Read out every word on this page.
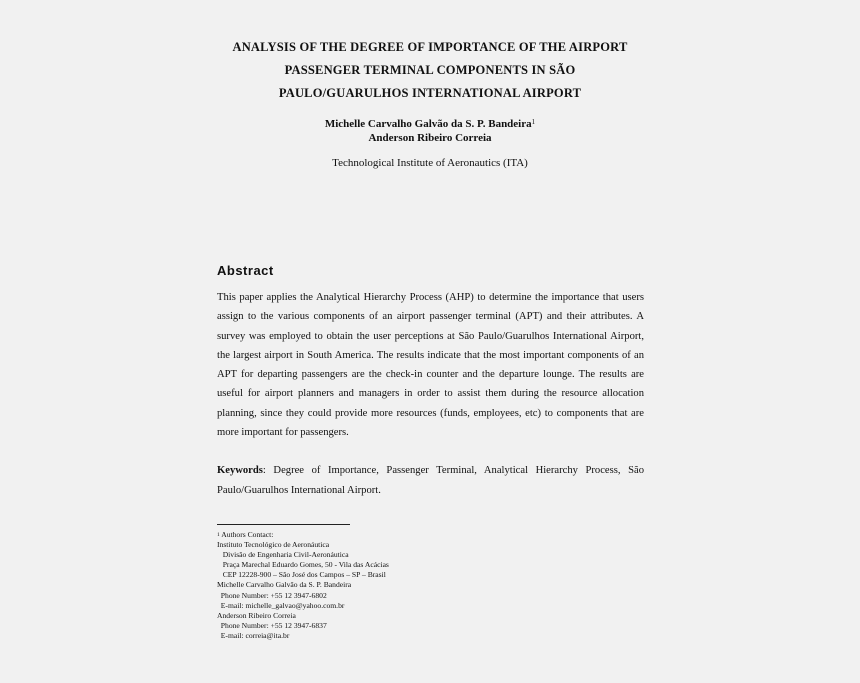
ANALYSIS OF THE DEGREE OF IMPORTANCE OF THE AIRPORT
PASSENGER TERMINAL COMPONENTS IN SÃO
PAULO/GUARULHOS INTERNATIONAL AIRPORT
Michelle Carvalho Galvão da S. P. Bandeira$^1$
Anderson Ribeiro Correia
Technological Institute of Aeronautics (ITA)
Abstract
This paper applies the Analytical Hierarchy Process (AHP) to determine the importance that users assign to the various components of an airport passenger terminal (APT) and their attributes. A survey was employed to obtain the user perceptions at São Paulo/Guarulhos International Airport, the largest airport in South America. The results indicate that the most important components of an APT for departing passengers are the check-in counter and the departure lounge. The results are useful for airport planners and managers in order to assist them during the resource allocation planning, since they could provide more resources (funds, employees, etc) to components that are more important for passengers.
Keywords: Degree of Importance, Passenger Terminal, Analytical Hierarchy Process, São Paulo/Guarulhos International Airport.
$^1$ Authors Contact:
Instituto Tecnológico de Aeronáutica
Divisão de Engenharia Civil-Aeronáutica
Praça Marechal Eduardo Gomes, 50 - Vila das Acácias
CEP 12228-900 – São José dos Campos – SP – Brasil
Michelle Carvalho Galvão da S. P. Bandeira
Phone Number: +55 12 3947-6802
E-mail: michelle_galvao@yahoo.com.br
Anderson Ribeiro Correia
Phone Number: +55 12 3947-6837
E-mail: correia@ita.br
